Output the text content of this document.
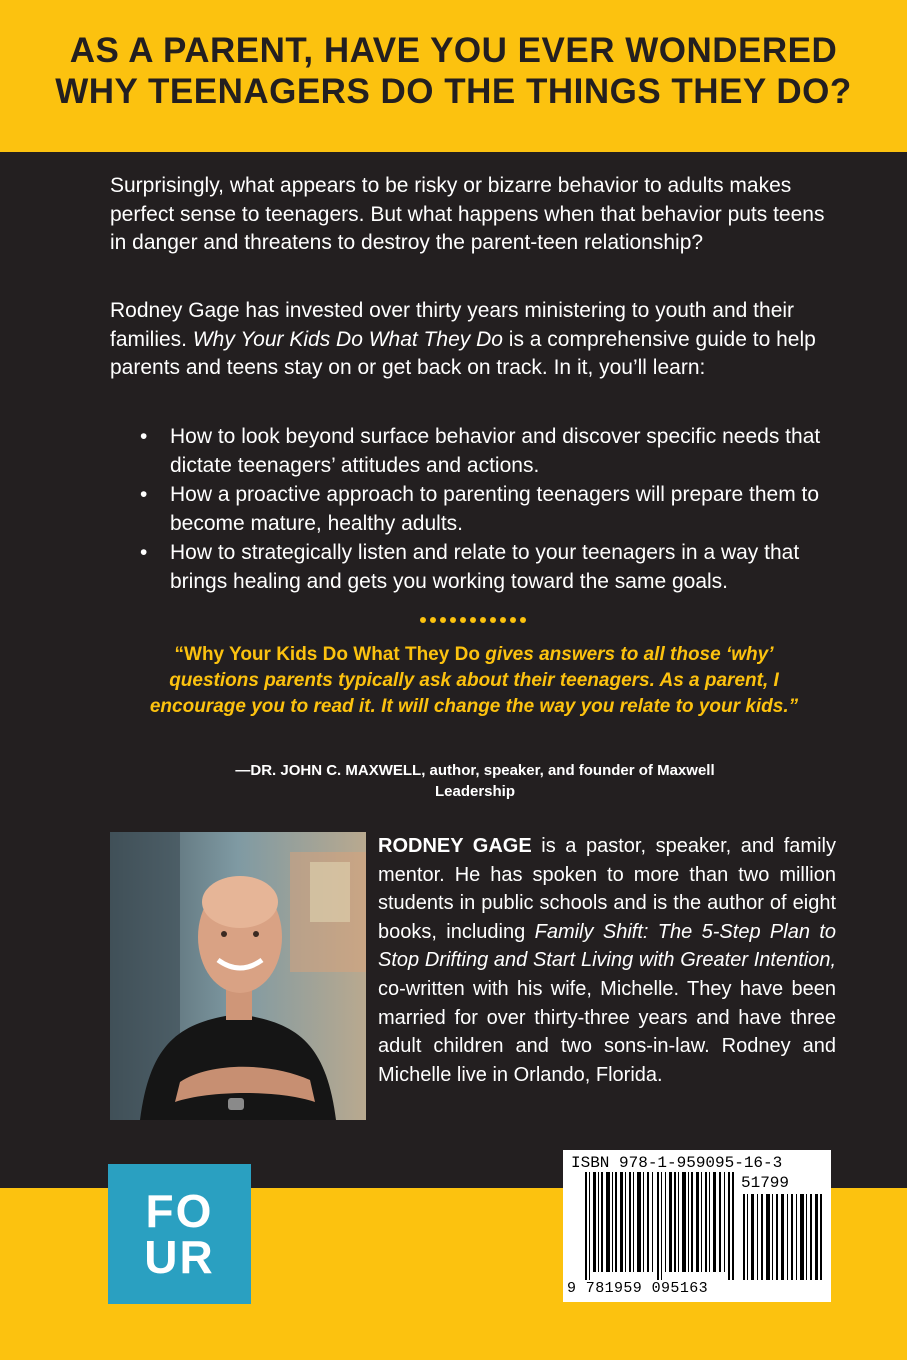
AS A PARENT, HAVE YOU EVER WONDERED WHY TEENAGERS DO THE THINGS THEY DO?

Surprisingly, what appears to be risky or bizarre behavior to adults makes perfect sense to teenagers. But what happens when that behavior puts teens in danger and threatens to destroy the parent-teen relationship?

Rodney Gage has invested over thirty years ministering to youth and their families. Why Your Kids Do What They Do is a comprehensive guide to help parents and teens stay on or get back on track. In it, you’ll learn:

• How to look beyond surface behavior and discover specific needs that dictate teenagers’ attitudes and actions.
• How a proactive approach to parenting teenagers will prepare them to become mature, healthy adults.
• How to strategically listen and relate to your teenagers in a way that brings healing and gets you working toward the same goals.

“Why Your Kids Do What They Do gives answers to all those ‘why’ questions parents typically ask about their teenagers. As a parent, I encourage you to read it. It will change the way you relate to your kids.”

—DR. JOHN C. MAXWELL, author, speaker, and founder of Maxwell Leadership

RODNEY GAGE is a pastor, speaker, and family mentor. He has spoken to more than two million students in public schools and is the author of eight books, including Family Shift: The 5-Step Plan to Stop Drifting and Start Living with Greater Intention, co-written with his wife, Michelle. They have been married for over thirty-three years and have three adult children and two sons-in-law. Rodney and Michelle live in Orlando, Florida.

FO
UR
ISBN 978-1-959095-16-3
51799
9 781959 095163
